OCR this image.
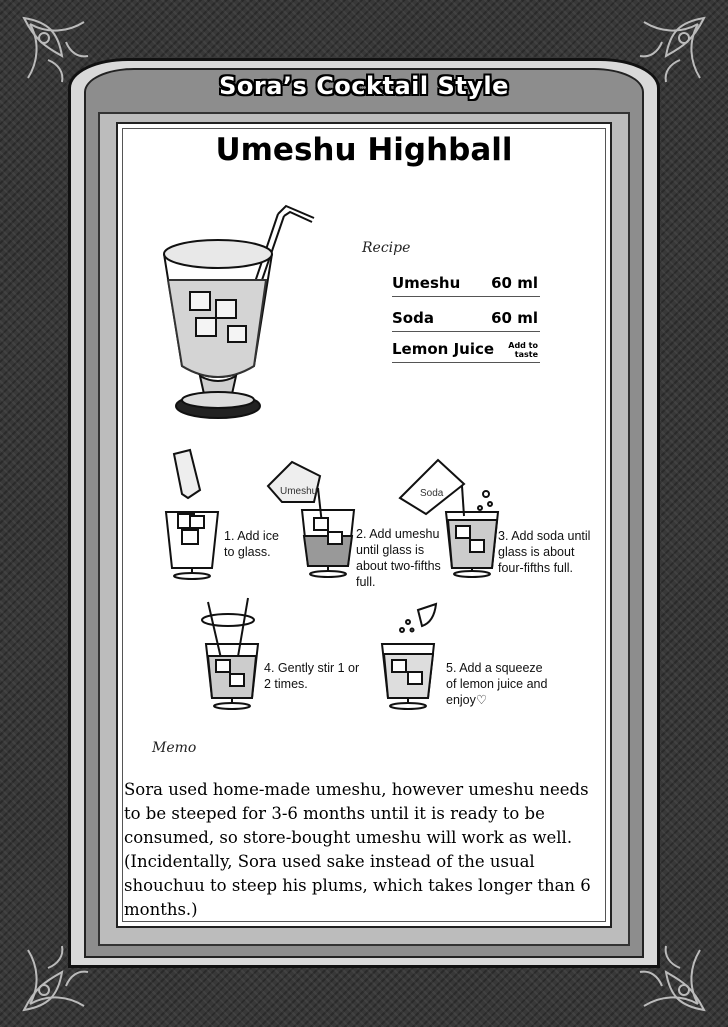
Sora’s Cocktail Style
Umeshu Highball
Recipe
Umeshu 60 ml
Soda	60 ml
Lemon Juice	Add to taste
1. Add ice to glass.
Umeshu
2. Add umeshu until glass is about two-fifths full.
Soda
3. Add soda until glass is about four-fifths full.
4. Gently stir 1 or 2 times.
5. Add a squeeze of lemon juice and enjoy♡
Memo
Sora used home-made umeshu, however umeshu needs to be steeped for 3-6 months until it is ready to be consumed, so store-bought umeshu will work as well. (Incidentally, Sora used sake instead of the usual shouchuu to steep his plums, which takes longer than 6 months.)
